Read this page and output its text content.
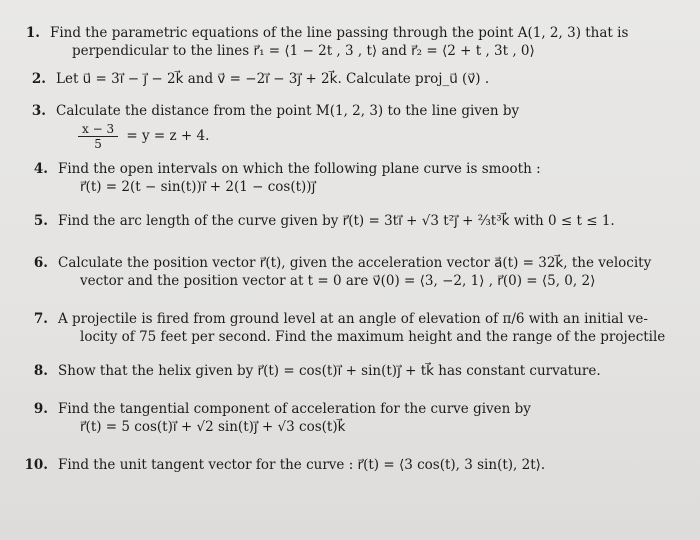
1. Find the parametric equations of the line passing through the point A(1, 2, 3) that is
perpendicular to the lines r⃗₁ = ⟨1 − 2t , 3 , t⟩ and r⃗₂ = ⟨2 + t , 3t , 0⟩
2. Let u⃗ = 3i⃗ − j⃗ − 2k⃗ and v⃗ = −2i⃗ − 3j⃗ + 2k⃗. Calculate proj_u⃗ (v⃗) .
3. Calculate the distance from the point M(1, 2, 3) to the line given by
$\frac{x - 3}{5} = y = z + 4$.
4. Find the open intervals on which the following plane curve is smooth :
r⃗(t) = 2(t − sin(t))i⃗ + 2(1 − cos(t))j⃗
5. Find the arc length of the curve given by r⃗(t) = 3ti⃗ + √3 t²j⃗ + ⅔t³k⃗ with 0 ≤ t ≤ 1.
6. Calculate the position vector r⃗(t), given the acceleration vector a⃗(t) = 32k⃗, the velocity
vector and the position vector at t = 0 are v⃗(0) = ⟨3, −2, 1⟩ , r⃗(0) = ⟨5, 0, 2⟩
7. A projectile is fired from ground level at an angle of elevation of π/6 with an initial ve-
locity of 75 feet per second. Find the maximum height and the range of the projectile
8. Show that the helix given by r⃗(t) = cos(t)i⃗ + sin(t)j⃗ + tk⃗ has constant curvature.
9. Find the tangential component of acceleration for the curve given by
r⃗(t) = 5 cos(t)i⃗ + √2 sin(t)j⃗ + √3 cos(t)k⃗
10. Find the unit tangent vector for the curve : r⃗(t) = ⟨3 cos(t), 3 sin(t), 2t⟩.
